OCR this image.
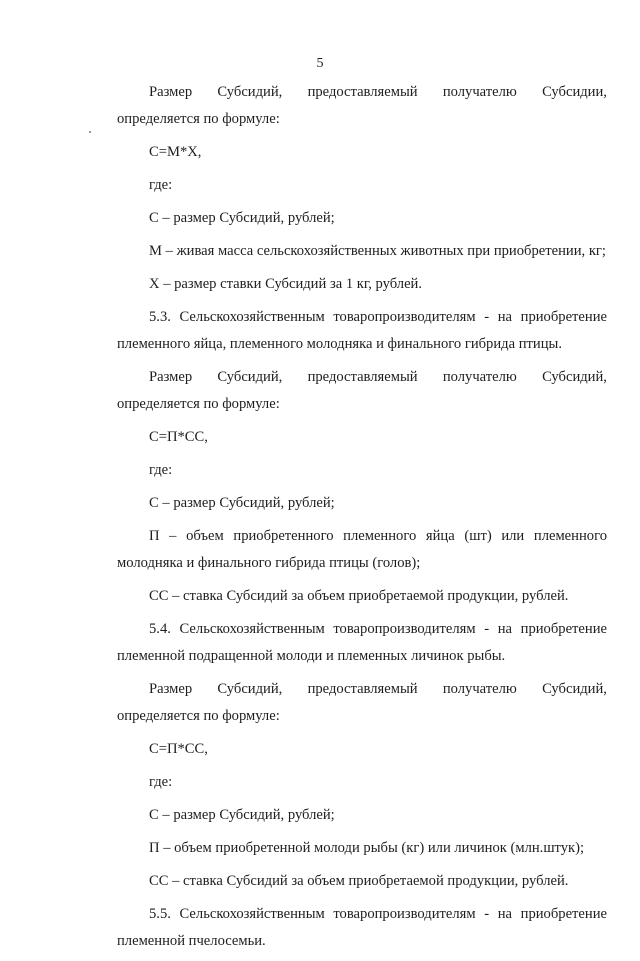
5
Размер Субсидий, предоставляемый получателю Субсидии,
определяется по формуле:

C=M*X,

где:

C – размер Субсидий, рублей;

M – живая масса сельскохозяйственных животных при приобретении, кг;

X – размер ставки Субсидий за 1 кг, рублей.

5.3. Сельскохозяйственным товаропроизводителям - на приобретение племенного яйца, племенного молодняка и финального гибрида птицы.

Размер Субсидий, предоставляемый получателю Субсидий,
определяется по формуле:

C=П*CC,

где:

C – размер Субсидий, рублей;

П – объем приобретенного племенного яйца (шт) или племенного молодняка и финального гибрида птицы (голов);

CC – ставка Субсидий за объем приобретаемой продукции, рублей.

5.4. Сельскохозяйственным товаропроизводителям - на приобретение племенной подращенной молоди и племенных личинок рыбы.

Размер Субсидий, предоставляемый получателю Субсидий,
определяется по формуле:

C=П*CC,

где:

C – размер Субсидий, рублей;

П – объем приобретенной молоди рыбы (кг) или личинок (млн.штук);

CC – ставка Субсидий за объем приобретаемой продукции, рублей.

5.5. Сельскохозяйственным товаропроизводителям - на приобретение племенной пчелосемьи.
